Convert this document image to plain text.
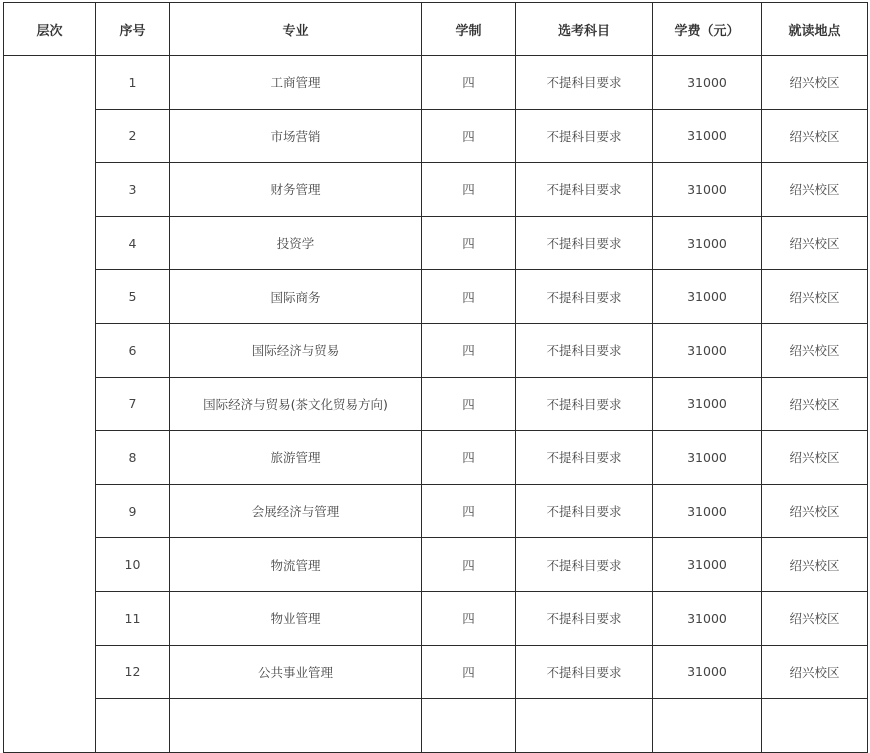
层次	序号	专业	学制	选考科目	学费（元）	就读地点
	1	工商管理	四	不提科目要求	31000	绍兴校区
	2	市场营销	四	不提科目要求	31000	绍兴校区
	3	财务管理	四	不提科目要求	31000	绍兴校区
	4	投资学	四	不提科目要求	31000	绍兴校区
	5	国际商务	四	不提科目要求	31000	绍兴校区
	6	国际经济与贸易	四	不提科目要求	31000	绍兴校区
	7	国际经济与贸易(茶文化贸易方向)	四	不提科目要求	31000	绍兴校区
	8	旅游管理	四	不提科目要求	31000	绍兴校区
	9	会展经济与管理	四	不提科目要求	31000	绍兴校区
	10	物流管理	四	不提科目要求	31000	绍兴校区
	11	物业管理	四	不提科目要求	31000	绍兴校区
	12	公共事业管理	四	不提科目要求	31000	绍兴校区
